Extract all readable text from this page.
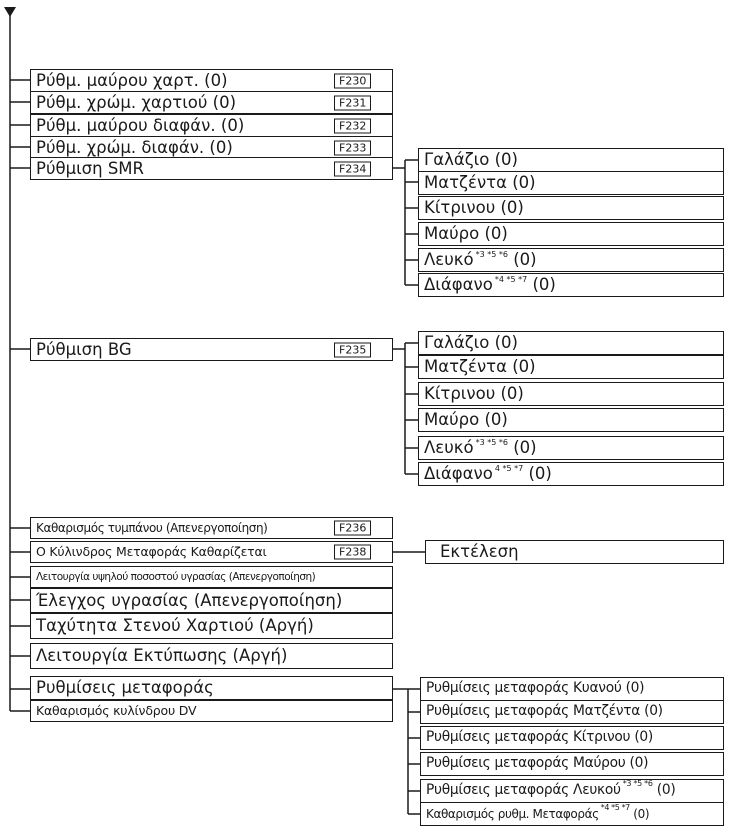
Ρύθμ. μαύρου χαρτ. (0)	F230
Ρύθμ. χρώμ. χαρτιού (0)	F231
Ρύθμ. μαύρου διαφάν. (0)	F232
Ρύθμ. χρώμ. διαφάν. (0)	F233
Ρύθμιση SMR	F234	Γαλάζιο (0)
Ματζέντα (0)
Κίτρινου (0)
Μαύρο (0)
Λευκό $^{*3 *5 *6}$ (0)
Διάφανο $^{*4 *5 *7}$ (0)
Ρύθμιση BG	F235	Γαλάζιο (0)
Ματζέντα (0)
Κίτρινου (0)
Μαύρο (0)
Λευκό $^{*3 *5 *6}$ (0)
Διάφανο $^{4 *5 *7}$ (0)
Καθαρισμός τυμπάνου (Απενεργοποίηση)	F236
Ο Κύλινδρος Μεταφοράς Καθαρίζεται	F238	Εκτέλεση
Λειτουργία υψηλού ποσοστού υγρασίας (Απενεργοποίηση)
Έλεγχος υγρασίας (Απενεργοποίηση)
Ταχύτητα Στενού Χαρτιού (Αργή)
Λειτουργία Εκτύπωσης (Αργή)
Ρυθμίσεις μεταφοράς
Καθαρισμός κυλίνδρου DV
Ρυθμίσεις μεταφοράς Κυανού (0)
Ρυθμίσεις μεταφοράς Ματζέντα (0)
Ρυθμίσεις μεταφοράς Κίτρινου (0)
Ρυθμίσεις μεταφοράς Μαύρου (0)
Ρυθμίσεις μεταφοράς Λευκού $^{*3 *5 *6}$ (0)
Καθαρισμός ρυθμ. Μεταφοράς $^{*4 *5 *7}$ (0)
